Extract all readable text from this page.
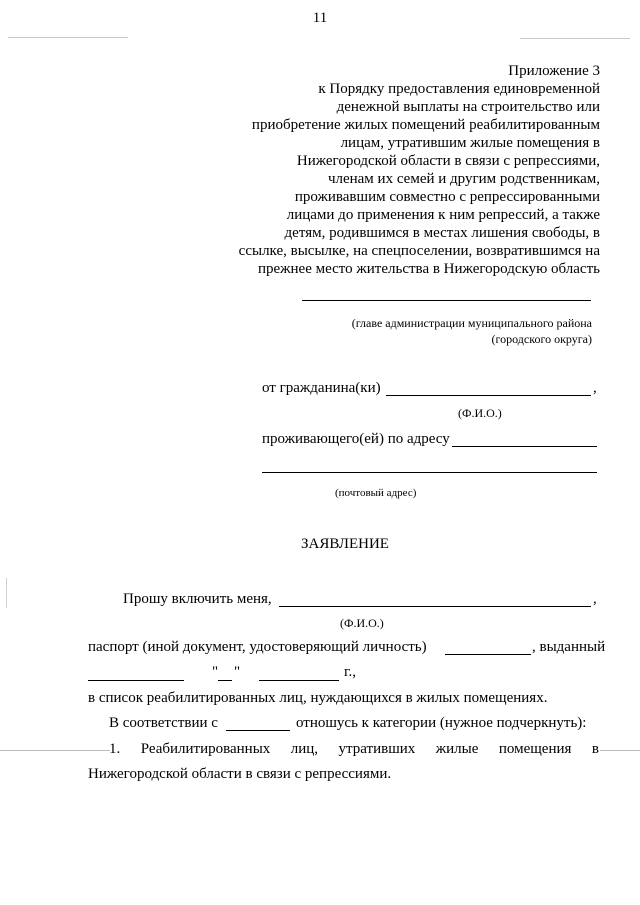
11
Приложение 3
к Порядку предоставления единовременной
денежной выплаты на строительство или
приобретение жилых помещений реабилитированным
лицам, утратившим жилые помещения в
Нижегородской области в связи с репрессиями,
членам их семей и другим родственникам,
проживавшим совместно с репрессированными
лицами до применения к ним репрессий, а также
детям, родившимся в местах лишения свободы, в
ссылке, высылке, на спецпоселении, возвратившимся на
прежнее место жительства в Нижегородскую область
(главе администрации муниципального района
(городского округа)
от гражданина(ки)	,
(Ф.И.О.)
проживающего(ей) по адресу
(почтовый адрес)
ЗАЯВЛЕНИЕ
Прошу включить меня,	,
(Ф.И.О.)
паспорт (иной документ, удостоверяющий личность)	, выданный
" "	г.,
в список реабилитированных лиц, нуждающихся в жилых помещениях.
В соответствии с	отношусь к категории (нужное подчеркнуть):
1. Реабилитированных лиц, утративших жилые помещения в
Нижегородской области в связи с репрессиями.
